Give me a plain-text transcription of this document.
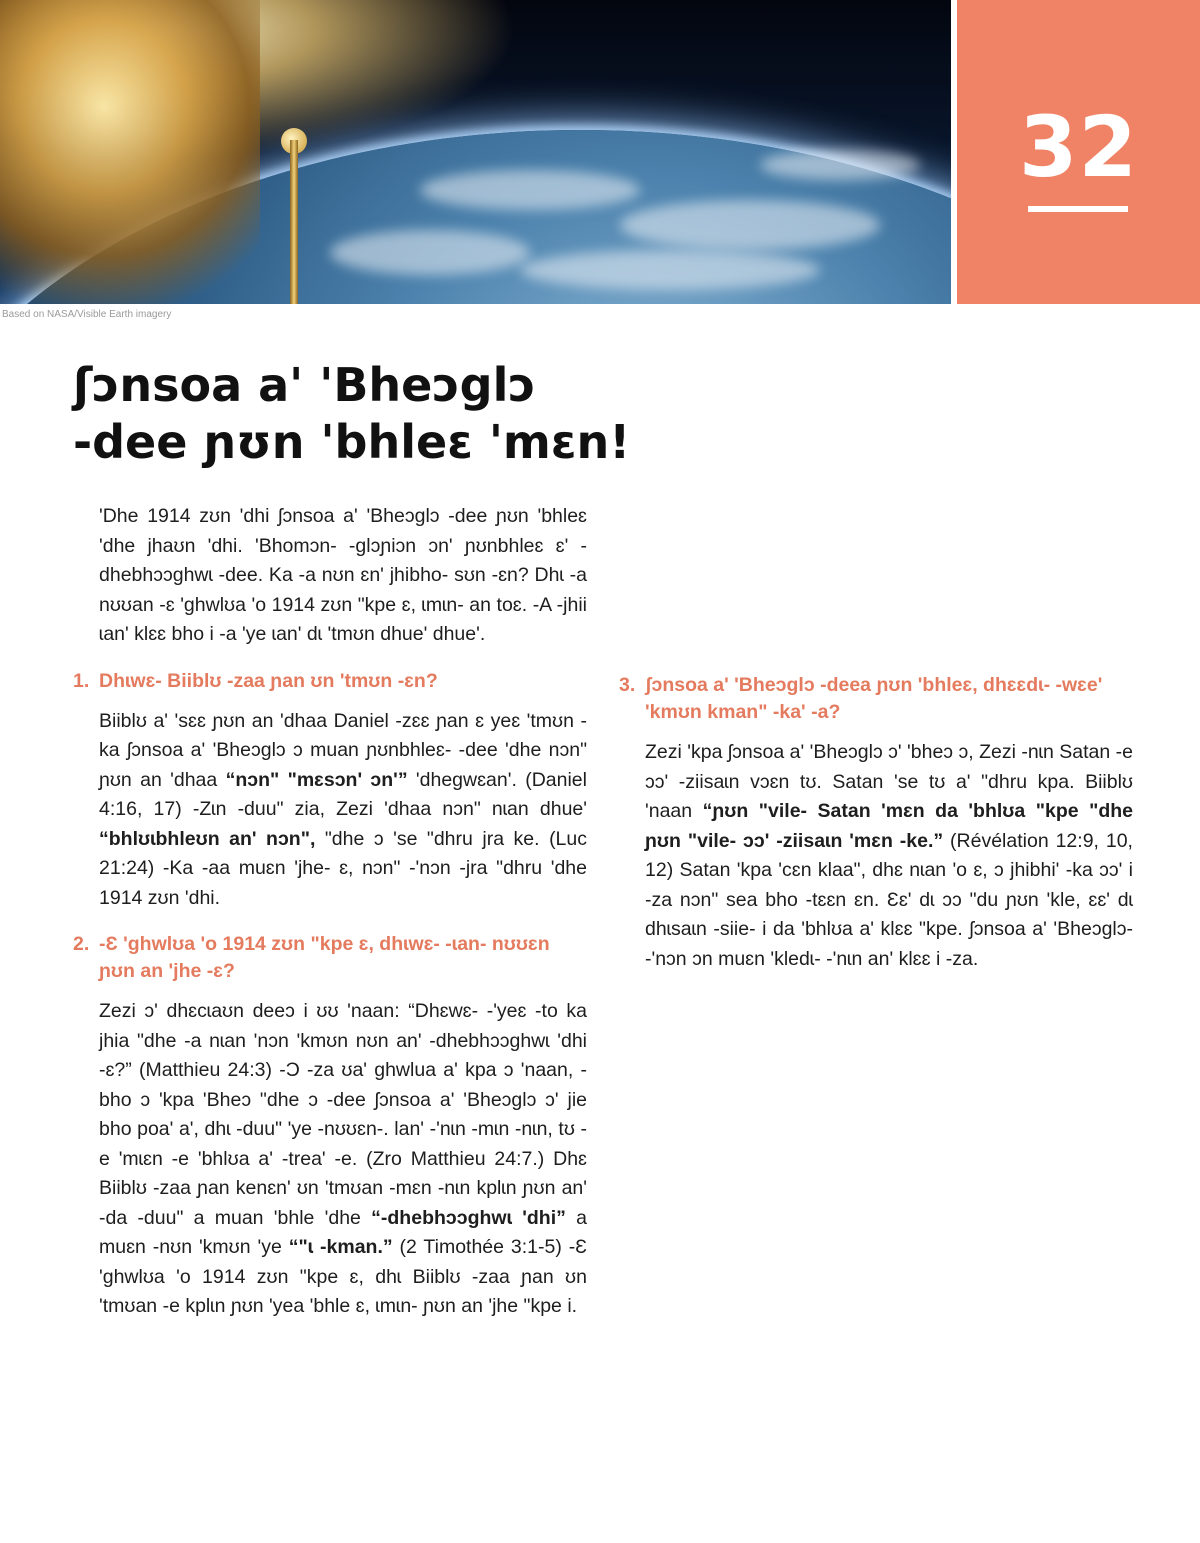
Based on NASA/Visible Earth imagery
32
ʃɔnsoa a' 'Bheɔglɔ
-dee ɲʊn 'bhleɛ 'mɛn!

'Dhe 1914 zʊn 'dhi ʃɔnsoa a' 'Bheɔglɔ -dee ɲʊn 'bhleɛ 'dhe jhaʊn 'dhi. 'Bhomɔn- -glɔɲiɔn ɔn' ɲʊnbhleɛ ɛ' -dhebhɔɔghwɩ -dee. Ka -a nʊn ɛn' jhibho- sʊn -ɛn? Dhɩ -a nʊʊan -ɛ 'ghwlʊa 'o 1914 zʊn "kpe ɛ, ɩmɩn- an toɛ. -A -jhii ɩan' klɛɛ bho i -a 'ye ɩan' dɩ 'tmʊn dhue' dhue'.

1. Dhɩwɛ- Biiblʊ -zaa ɲan ʊn 'tmʊn -ɛn?

Biiblʊ a' 'sɛɛ ɲʊn an 'dhaa Daniel -zɛɛ ɲan ɛ yeɛ 'tmʊn -ka ʃɔnsoa a' 'Bheɔglɔ ɔ muan ɲʊnbhleɛ- -dee 'dhe nɔn" ɲʊn an 'dhaa “nɔn" "mɛsɔn' ɔn'” 'dhegwɛan'. (Daniel 4:16, 17) -Zɩn -duu" zia, Zezi 'dhaa nɔn" nɩan dhue' “bhlʊɩbhleʊn an' nɔn", "dhe ɔ 'se "dhru jra ke. (Luc 21:24) -Ka -aa muɛn 'jhe- ɛ, nɔn" -'nɔn -jra "dhru 'dhe 1914 zʊn 'dhi.

2. -Ɛ 'ghwlʊa 'o 1914 zʊn "kpe ɛ, dhɩwɛ- -ɩan- nʊʊɛn ɲʊn an 'jhe -ɛ?

Zezi ɔ' dhɛcɩaʊn deeɔ i ʊʊ 'naan: “Dhɛwɛ- -'yeɛ -to ka jhia "dhe -a nɩan 'nɔn 'kmʊn nʊn an' -dhebhɔɔghwɩ 'dhi -ɛ?” (Matthieu 24:3) -Ɔ -za ʊa' ghwlua a' kpa ɔ 'naan, -bho ɔ 'kpa 'Bheɔ "dhe ɔ -dee ʃɔnsoa a' 'Bheɔglɔ ɔ' jie bho poa' a', dhɩ -duu" 'ye -nʊʊɛn-. Ɩan' -'nɩn -mɩn -nɩn, tʊ -e 'mɩɛn -e 'bhlʊa a' -trea' -e. (Zro Matthieu 24:7.) Dhɛ Biiblʊ -zaa ɲan kenɛn' ʊn 'tmʊan -mɛn -nɩn kplɩn ɲʊn an' -da -duu" a muan 'bhle 'dhe “-dhebhɔɔghwɩ 'dhi” a muɛn -nʊn 'kmʊn 'ye “"ɩ -kman.” (2 Timothée 3:1-5) -Ɛ 'ghwlʊa 'o 1914 zʊn "kpe ɛ, dhɩ Biiblʊ -zaa ɲan ʊn 'tmʊan -e kplɩn ɲʊn 'yea 'bhle ɛ, ɩmɩn- ɲʊn an 'jhe "kpe i.

3. ʃɔnsoa a' 'Bheɔglɔ -deea ɲʊn 'bhleɛ, dhɛɛdɩ- -wɛe' 'kmʊn kman" -ka' -a?

Zezi 'kpa ʃɔnsoa a' 'Bheɔglɔ ɔ' 'bheɔ ɔ, Zezi -nɩn Satan -e ɔɔ' -ziisaɩn vɔɛn tʊ. Satan 'se tʊ a' "dhru kpa. Biiblʊ 'naan “ɲʊn "vile- Satan 'mɛn da 'bhlʊa "kpe "dhe ɲʊn "vile- ɔɔ' -ziisaɩn 'mɛn -ke.” (Révélation 12:9, 10, 12) Satan 'kpa 'cɛn klaa", dhɛ nɩan 'o ɛ, ɔ jhibhi' -ka ɔɔ' i -za nɔn" sea bho -tɛɛn ɛn. Ɛɛ' dɩ ɔɔ "du ɲʊn 'kle, ɛɛ' dɩ dhɩsaɩn -siie- i da 'bhlʊa a' klɛɛ "kpe. ʃɔnsoa a' 'Bheɔglɔ- -'nɔn ɔn muɛn 'kledɩ- -'nɩn an' klɛɛ i -za.
